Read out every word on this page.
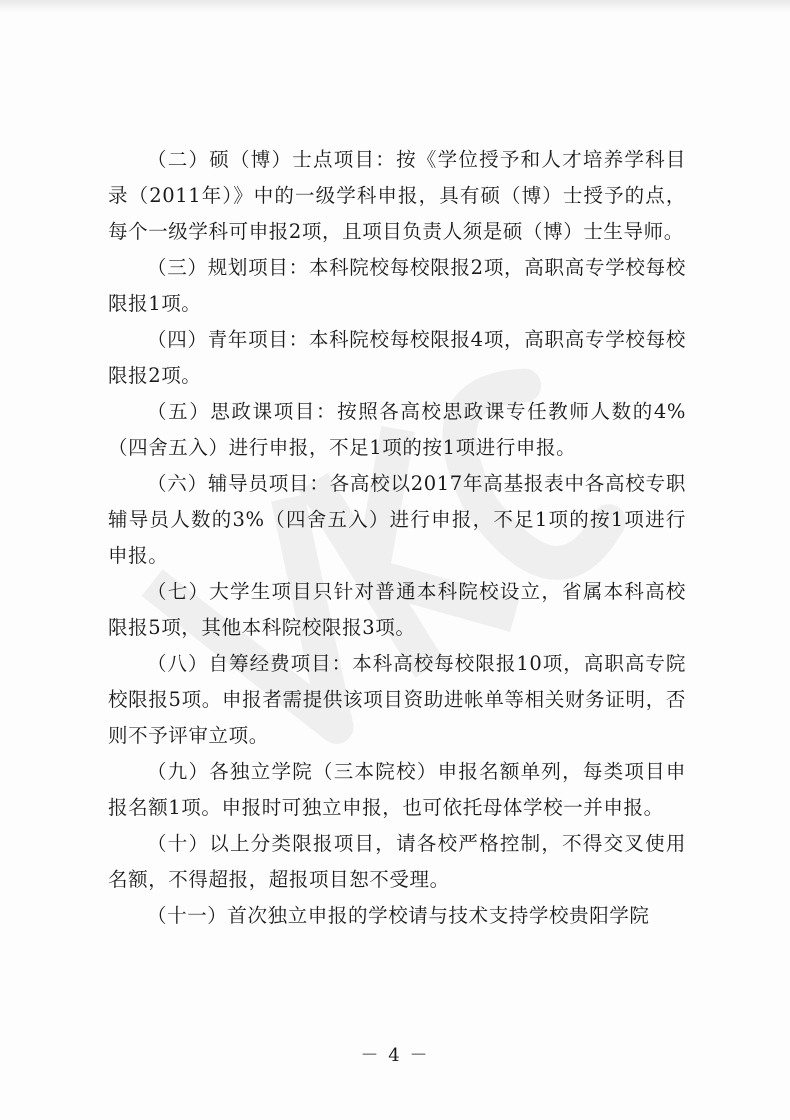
（二）硕（博）士点项目：按《学位授予和人才培养学科目录（2011年）》中的一级学科申报，具有硕（博）士授予的点，每个一级学科可申报2项，且项目负责人须是硕（博）士生导师。

（三）规划项目：本科院校每校限报2项，高职高专学校每校限报1项。

（四）青年项目：本科院校每校限报4项，高职高专学校每校限报2项。

（五）思政课项目：按照各高校思政课专任教师人数的4%（四舍五入）进行申报，不足1项的按1项进行申报。

（六）辅导员项目：各高校以2017年高基报表中各高校专职辅导员人数的3%（四舍五入）进行申报，不足1项的按1项进行申报。

（七）大学生项目只针对普通本科院校设立，省属本科高校限报5项，其他本科院校限报3项。

（八）自筹经费项目：本科高校每校限报10项，高职高专院校限报5项。申报者需提供该项目资助进帐单等相关财务证明，否则不予评审立项。

（九）各独立学院（三本院校）申报名额单列，每类项目申报名额1项。申报时可独立申报，也可依托母体学校一并申报。

（十）以上分类限报项目，请各校严格控制，不得交叉使用名额，不得超报，超报项目恕不受理。

（十一）首次独立申报的学校请与技术支持学校贵阳学院

－ 4 －
